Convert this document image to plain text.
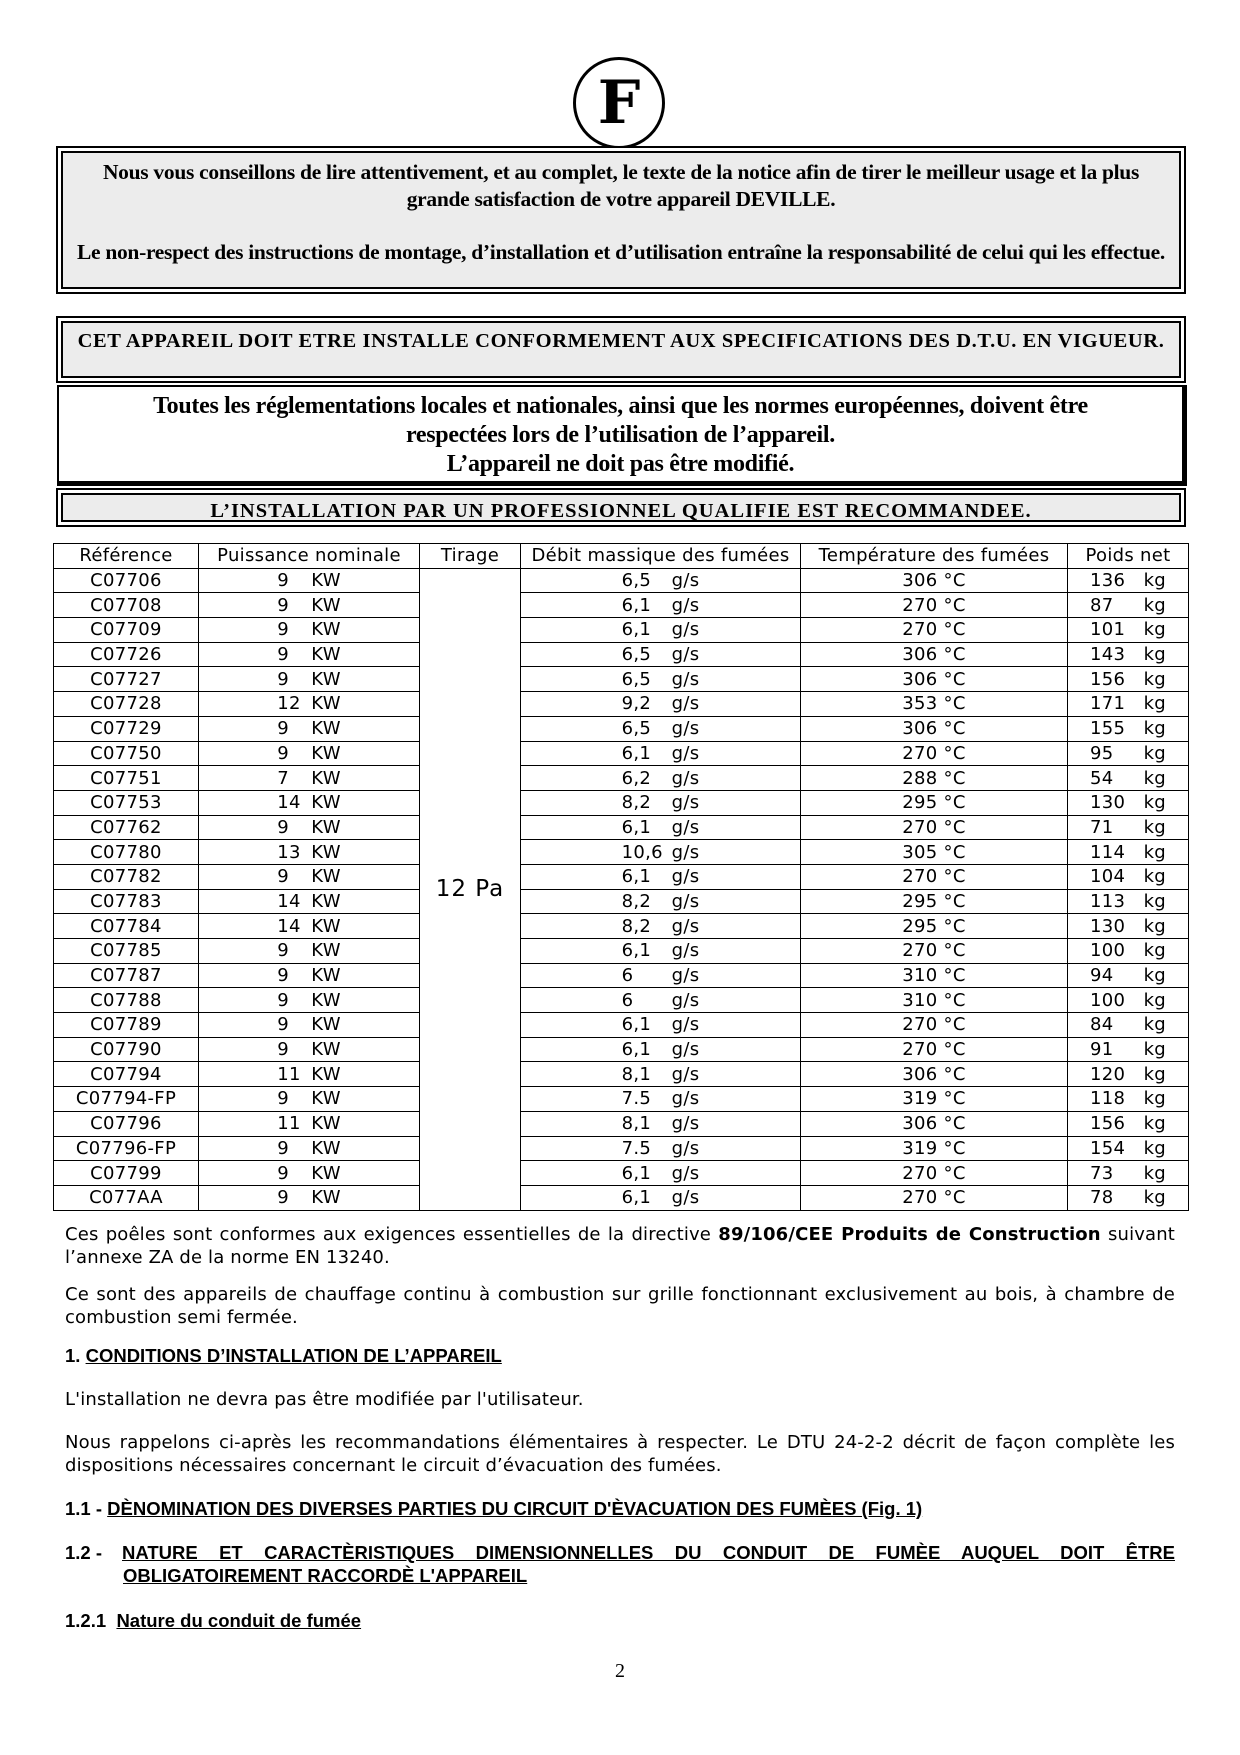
F

Nous vous conseillons de lire attentivement, et au complet, le texte de la notice afin de tirer le meilleur usage et la plus grande satisfaction de votre appareil DEVILLE.

Le non-respect des instructions de montage, d’installation et d’utilisation entraîne la responsabilité de celui qui les effectue.

CET APPAREIL DOIT ETRE INSTALLE CONFORMEMENT AUX SPECIFICATIONS DES D.T.U. EN VIGUEUR.
Toutes les réglementations locales et nationales, ainsi que les normes européennes, doivent être
respectées lors de l’utilisation de l’appareil.
L’appareil ne doit pas être modifié.
L’INSTALLATION PAR UN PROFESSIONNEL QUALIFIE EST RECOMMANDEE.
Référence	Puissance nominale	Tirage	Débit massique des fumées	Température des fumées	Poids net
C07706	9 KW	12 Pa	6,5 g/s	306 °C	136 kg
C07708	9 KW		6,1 g/s	270 °C	87 kg
C07709	9 KW		6,1 g/s	270 °C	101 kg
C07726	9 KW		6,5 g/s	306 °C	143 kg
C07727	9 KW		6,5 g/s	306 °C	156 kg
C07728	12 KW		9,2 g/s	353 °C	171 kg
C07729	9 KW		6,5 g/s	306 °C	155 kg
C07750	9 KW		6,1 g/s	270 °C	95 kg
C07751	7 KW		6,2 g/s	288 °C	54 kg
C07753	14 KW		8,2 g/s	295 °C	130 kg
C07762	9 KW		6,1 g/s	270 °C	71 kg
C07780	13 KW		10,6 g/s	305 °C	114 kg
C07782	9 KW		6,1 g/s	270 °C	104 kg
C07783	14 KW		8,2 g/s	295 °C	113 kg
C07784	14 KW		8,2 g/s	295 °C	130 kg
C07785	9 KW		6,1 g/s	270 °C	100 kg
C07787	9 KW		6 g/s	310 °C	94 kg
C07788	9 KW		6 g/s	310 °C	100 kg
C07789	9 KW		6,1 g/s	270 °C	84 kg
C07790	9 KW		6,1 g/s	270 °C	91 kg
C07794	11 KW		8,1 g/s	306 °C	120 kg
C07794-FP	9 KW		7.5 g/s	319 °C	118 kg
C07796	11 KW		8,1 g/s	306 °C	156 kg
C07796-FP	9 KW		7.5 g/s	319 °C	154 kg
C07799	9 KW		6,1 g/s	270 °C	73 kg
C077AA	9 KW		6,1 g/s	270 °C	78 kg

Ces poêles sont conformes aux exigences essentielles de la directive 89/106/CEE Produits de Construction suivant l’annexe ZA de la norme EN 13240.

Ce sont des appareils de chauffage continu à combustion sur grille fonctionnant exclusivement au bois, à chambre de combustion semi fermée.

1. CONDITIONS D’INSTALLATION DE L’APPAREIL

L'installation ne devra pas être modifiée par l'utilisateur.

Nous rappelons ci-après les recommandations élémentaires à respecter. Le DTU 24-2-2 décrit de façon complète les dispositions nécessaires concernant le circuit d’évacuation des fumées.

1.1 - DÈNOMINATION DES DIVERSES PARTIES DU CIRCUIT D'ÈVACUATION DES FUMÈES (Fig. 1)

1.2 -	NATURE ET CARACTÈRISTIQUES DIMENSIONNELLES DU CONDUIT DE FUMÈE AUQUEL DOIT ÊTRE

OBLIGATOIREMENT RACCORDÈ L'APPAREIL

1.2.1 Nature du conduit de fumée

2
